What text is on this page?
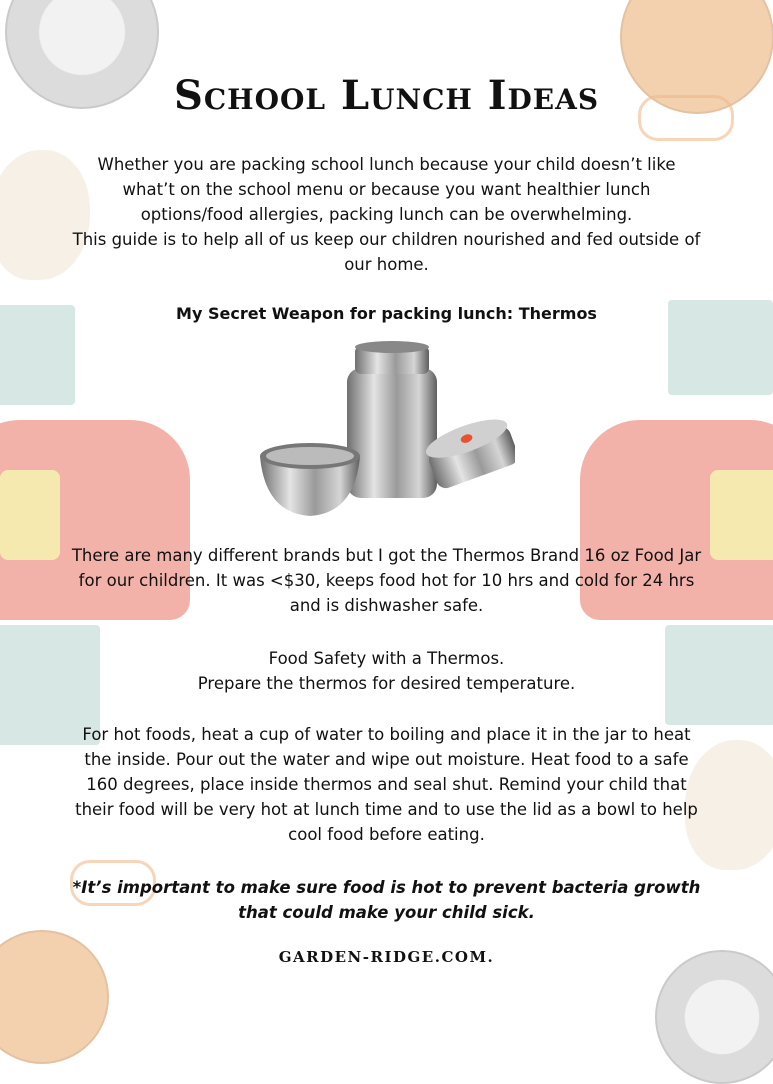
School Lunch Ideas
Whether you are packing school lunch because your child doesn’t like what’t on the school menu or because you want healthier lunch options/food allergies, packing lunch can be overwhelming.
This guide is to help all of us keep our children nourished and fed outside of our home.
My Secret Weapon for packing lunch: Thermos
There are many different brands but I got the Thermos Brand 16 oz Food Jar for our children. It was <$30, keeps food hot for 10 hrs and cold for 24 hrs and is dishwasher safe.
Food Safety with a Thermos.
Prepare the thermos for desired temperature.
For hot foods, heat a cup of water to boiling and place it in the jar to heat the inside. Pour out the water and wipe out moisture. Heat food to a safe 160 degrees, place inside thermos and seal shut. Remind your child that their food will be very hot at lunch time and to use the lid as a bowl to help cool food before eating.
*It’s important to make sure food is hot to prevent bacteria growth that could make your child sick.
GARDEN-RIDGE.COM.
